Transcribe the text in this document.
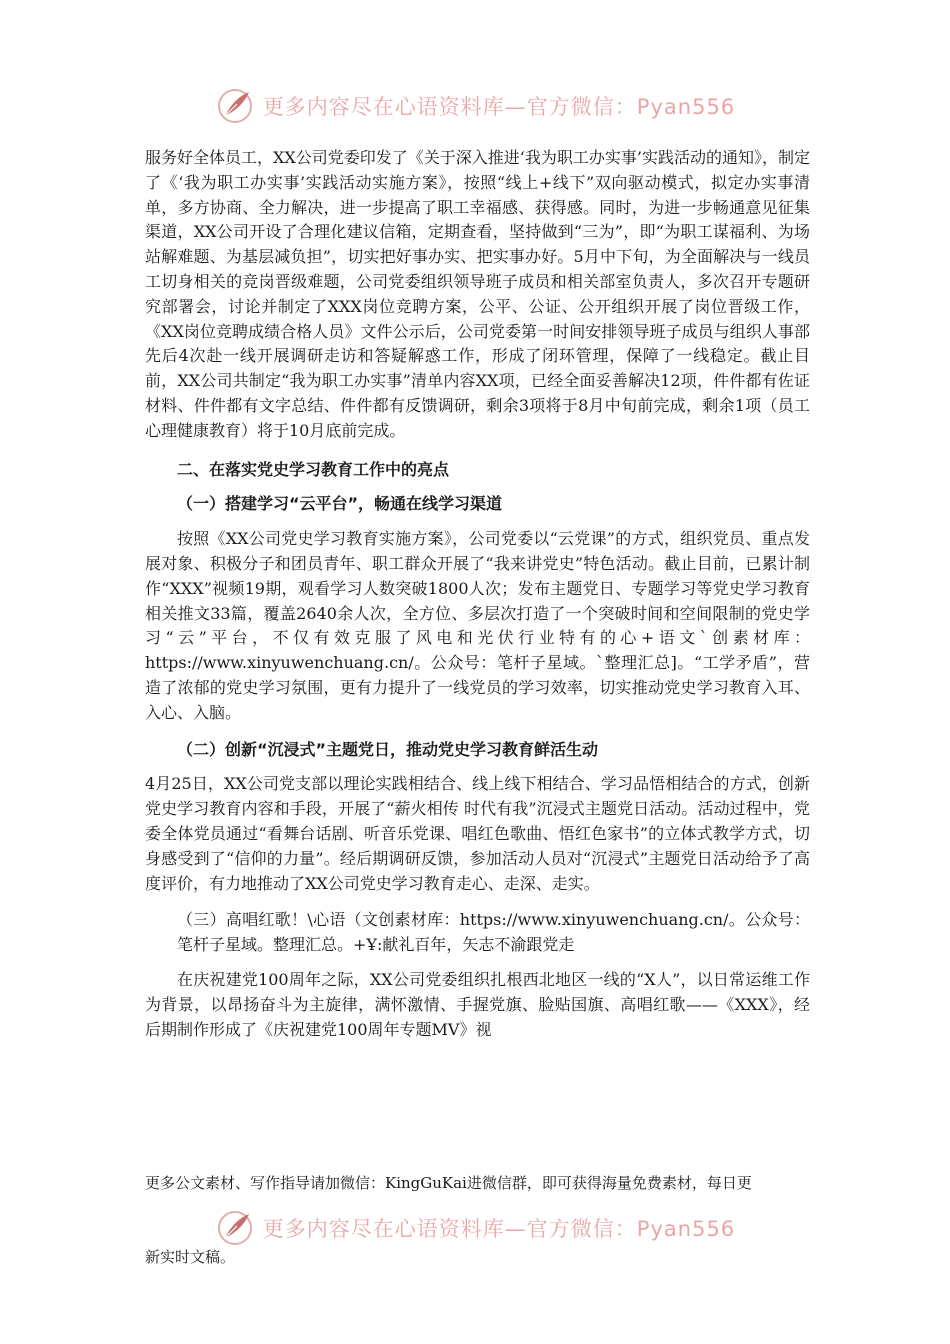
更多内容尽在心语资料库—官方微信：Pyan556

服务好全体员工，XX公司党委印发了《关于深入推进‘我为职工办实事’实践活动的通知》，制定了《‘我为职工办实事’实践活动实施方案》，按照“线上+线下”双向驱动模式，拟定办实事清单，多方协商、全力解决，进一步提高了职工幸福感、获得感。同时，为进一步畅通意见征集渠道，XX公司开设了合理化建议信箱，定期查看，坚持做到“三为”，即“为职工谋福利、为场站解难题、为基层减负担”，切实把好事办实、把实事办好。5月中下旬，为全面解决与一线员工切身相关的竞岗晋级难题，公司党委组织领导班子成员和相关部室负责人，多次召开专题研究部署会，讨论并制定了XXX岗位竞聘方案，公平、公证、公开组织开展了岗位晋级工作，《XX岗位竞聘成绩合格人员》文件公示后，公司党委第一时间安排领导班子成员与组织人事部先后4次赴一线开展调研走访和答疑解惑工作，形成了闭环管理，保障了一线稳定。截止目前，XX公司共制定“我为职工办实事”清单内容XX项，已经全面妥善解决12项，件件都有佐证材料、件件都有文字总结、件件都有反馈调研，剩余3项将于8月中旬前完成，剩余1项（员工心理健康教育）将于10月底前完成。

二、在落实党史学习教育工作中的亮点

（一）搭建学习“云平台”，畅通在线学习渠道

按照《XX公司党史学习教育实施方案》，公司党委以“云党课”的方式，组织党员、重点发展对象、积极分子和团员青年、职工群众开展了“我来讲党史”特色活动。截止目前，已累计制作“XXX”视频19期，观看学习人数突破1800人次；发布主题党日、专题学习等党史学习教育相关推文33篇，覆盖2640余人次，全方位、多层次打造了一个突破时间和空间限制的党史学习“云”平台，不仅有效克服了风电和光伏行业特有的心+语文`创素材库：https://www.xinyuwenchuang.cn/。公众号：笔杆子星域。`整理汇总]。“工学矛盾”，营造了浓郁的党史学习氛围，更有力提升了一线党员的学习效率，切实推动党史学习教育入耳、入心、入脑。

（二）创新“沉浸式”主题党日，推动党史学习教育鲜活生动

4月25日，XX公司党支部以理论实践相结合、线上线下相结合、学习品悟相结合的方式，创新党史学习教育内容和手段，开展了“薪火相传 时代有我”沉浸式主题党日活动。活动过程中，党委全体党员通过“看舞台话剧、听音乐党课、唱红色歌曲、悟红色家书”的立体式教学方式，切身感受到了“信仰的力量”。经后期调研反馈，参加活动人员对“沉浸式”主题党日活动给予了高度评价，有力地推动了XX公司党史学习教育走心、走深、走实。

（三）高唱红歌！\心语（文创素材库：https://www.xinyuwenchuang.cn/。公众号：笔杆子星域。整理汇总。+Ұ:献礼百年，矢志不渝跟党走

在庆祝建党100周年之际，XX公司党委组织扎根西北地区一线的“X人”，以日常运维工作为背景，以昂扬奋斗为主旋律，满怀激情、手握党旗、脸贴国旗、高唱红歌——《XXX》，经后期制作形成了《庆祝建党100周年专题MV》视

更多公文素材、写作指导请加微信：KingGuKai进微信群，即可获得海量免费素材，每日更
更多内容尽在心语资料库—官方微信：Pyan556
新实时文稿。
